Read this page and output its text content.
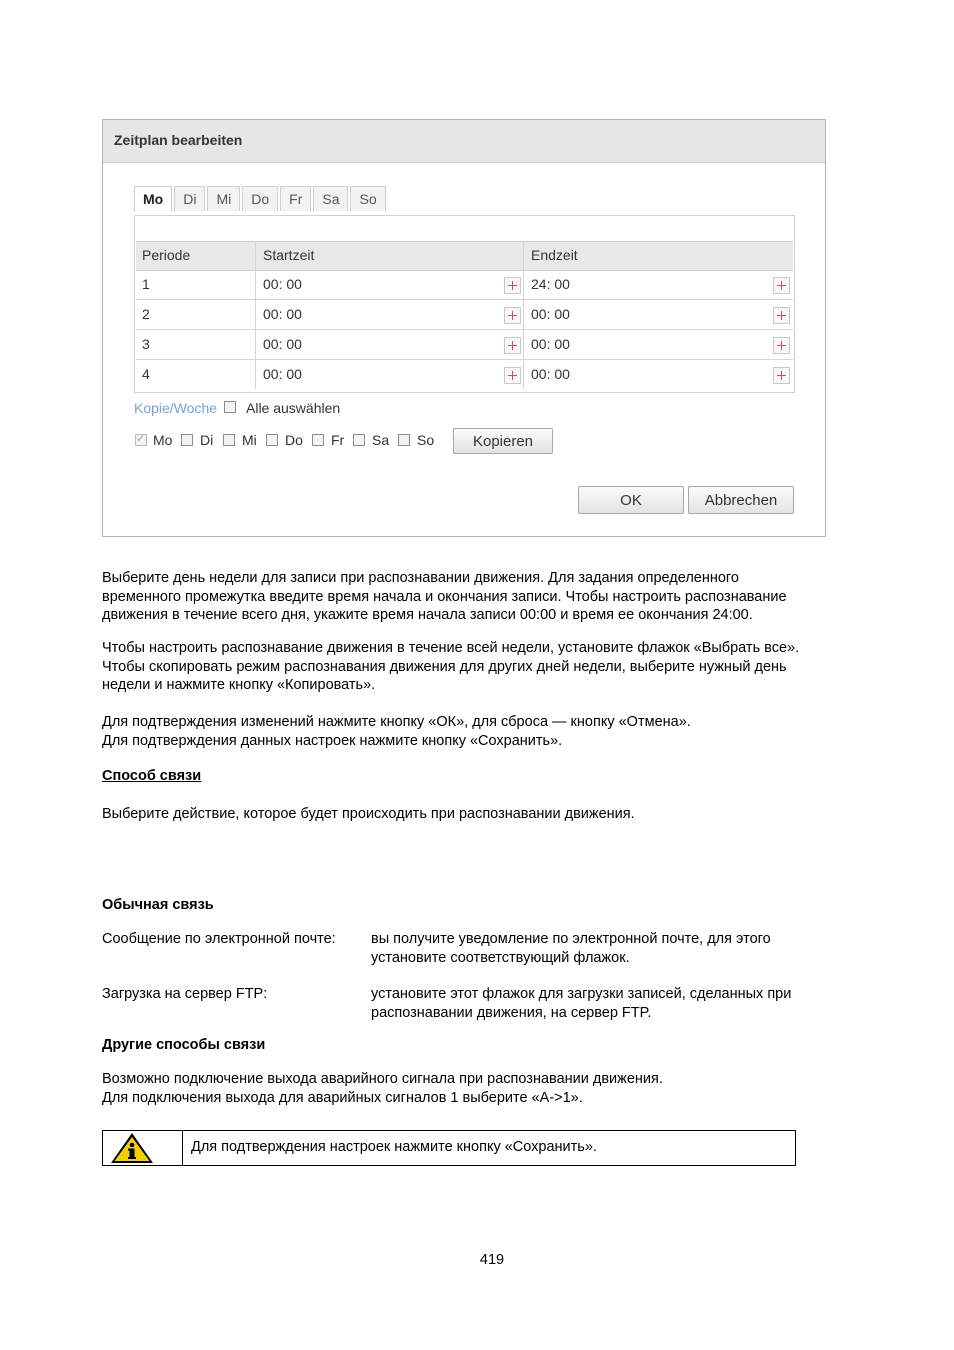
Zeitplan bearbeiten
Mo	Di	Mi	Do	Fr	Sa	So
Periode	Startzeit	Endzeit
1	00: 00	24: 00
2	00: 00	00: 00
3	00: 00	00: 00
4	00: 00	00: 00
Kopie/Woche Alle auswählen
✓
Mo Di Mi Do Fr Sa So	Kopieren
OK	Abbrechen
Выберите день недели для записи при распознавании движения. Для задания определенного
временного промежутка введите время начала и окончания записи. Чтобы настроить распознавание
движения в течение всего дня, укажите время начала записи 00:00 и время ее окончания 24:00.
Чтобы настроить распознавание движения в течение всей недели, установите флажок «Выбрать все».
Чтобы скопировать режим распознавания движения для других дней недели, выберите нужный день
недели и нажмите кнопку «Копировать».
Для подтверждения изменений нажмите кнопку «ОК», для сброса — кнопку «Отмена».
Для подтверждения данных настроек нажмите кнопку «Сохранить».
Способ связи
Выберите действие, которое будет происходить при распознавании движения.
Обычная связь
Сообщение по электронной почте:	вы получите уведомление по электронной почте, для этого
установите соответствующий флажок.
Загрузка на сервер FTP:	установите этот флажок для загрузки записей, сделанных при
распознавании движения, на сервер FTP.
Другие способы связи
Возможно подключение выхода аварийного сигнала при распознавании движения.
Для подключения выхода для аварийных сигналов 1 выберите «A->1».
Для подтверждения настроек нажмите кнопку «Сохранить».
419
